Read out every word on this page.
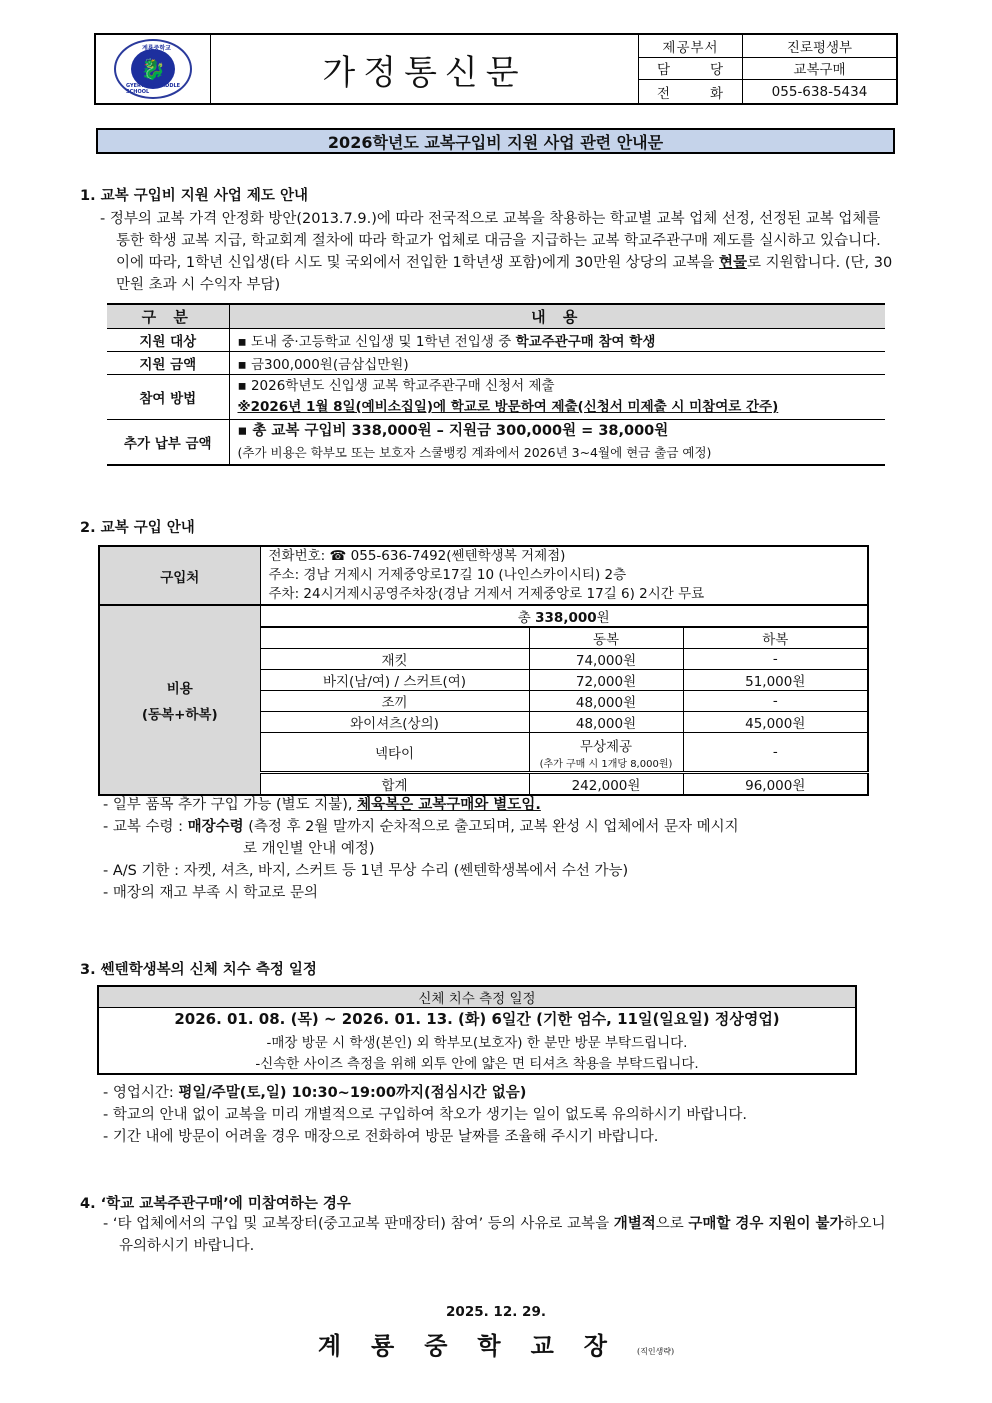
계룡중학교
🐉
GYERYONG MIDDLE SCHOOL	가정통신문
제공부서	진로평생부
담	당	교복구매
전	화	055-638-5434
2026학년도 교복구입비 지원 사업 관련 안내문
1. 교복 구입비 지원 사업 제도 안내
- 정부의 교복 가격 안정화 방안(2013.7.9.)에 따라 전국적으로 교복을 착용하는 학교별 교복 업체 선정, 선정된 교복 업체를 통한 학생 교복 지급, 학교회계 절차에 따라 학교가 업체로 대금을 지급하는 교복 학교주관구매 제도를 실시하고 있습니다. 이에 따라, 1학년 신입생(타 시도 및 국외에서 전입한 1학년생 포함)에게 30만원 상당의 교복을 현물로 지원합니다. (단, 30만원 초과 시 수익자 부담)
구 분	내 용
지원 대상	▪ 도내 중·고등학교 신입생 및 1학년 전입생 중 학교주관구매 참여 학생
지원 금액	▪ 금300,000원(금삼십만원)
참여 방법	▪ 2026학년도 신입생 교복 학교주관구매 신청서 제출
※2026년 1월 8일(예비소집일)에 학교로 방문하여 제출(신청서 미제출 시 미참여로 간주)

추가 납부 금액	▪ 총 교복 구입비 338,000원 – 지원금 300,000원 = 38,000원
(추가 비용은 학부모 또는 보호자 스쿨뱅킹 계좌에서 2026년 3~4월에 현금 출금 예정)
2. 교복 구입 안내
구입처	전화번호: ☎ 055-636-7492(쎈텐학생복 거제점)
주소: 경남 거제시 거제중앙로17길 10 (나인스카이시티) 2층
주차: 24시거제시공영주차장(경남 거제서 거제중앙로 17길 6) 2시간 무료		

비용
(동복+하복)	총 338,000원		
		동복	하복
	재킷	74,000원	-
	바지(남/여) / 스커트(여)	72,000원	51,000원
	조끼	48,000원	-
	와이셔츠(상의)	48,000원	45,000원
	넥타이	무상제공
(추가 구매 시 1개당 8,000원)	-
	합계	242,000원	96,000원
- 일부 품목 추가 구입 가능 (별도 지불), 체육복은 교복구매와 별도임.
- 교복 수령 : 매장수령 (측정 후 2월 말까지 순차적으로 출고되며, 교복 완성 시 업체에서 문자 메시지
로 개인별 안내 예정)
- A/S 기한 : 자켓, 셔츠, 바지, 스커트 등 1년 무상 수리 (쎈텐학생복에서 수선 가능)
- 매장의 재고 부족 시 학교로 문의
3. 쎈텐학생복의 신체 치수 측정 일정
신체 치수 측정 일정
2026. 01. 08. (목) ~ 2026. 01. 13. (화) 6일간 (기한 엄수, 11일(일요일) 정상영업)
-매장 방문 시 학생(본인) 외 학부모(보호자) 한 분만 방문 부탁드립니다.
-신속한 사이즈 측정을 위해 외투 안에 얇은 면 티셔츠 착용을 부탁드립니다.
- 영업시간: 평일/주말(토,일) 10:30~19:00까지(점심시간 없음)
- 학교의 안내 없이 교복을 미리 개별적으로 구입하여 착오가 생기는 일이 없도록 유의하시기 바랍니다.
- 기간 내에 방문이 어려울 경우 매장으로 전화하여 방문 날짜를 조율해 주시기 바랍니다.
4. ‘학교 교복주관구매’에 미참여하는 경우
- ‘타 업체에서의 구입 및 교복장터(중고교복 판매장터) 참여’ 등의 사유로 교복을 개별적으로 구매할 경우 지원이 불가하오니 유의하시기 바랍니다.
2025. 12. 29.
계룡중학교장(직인생략)
